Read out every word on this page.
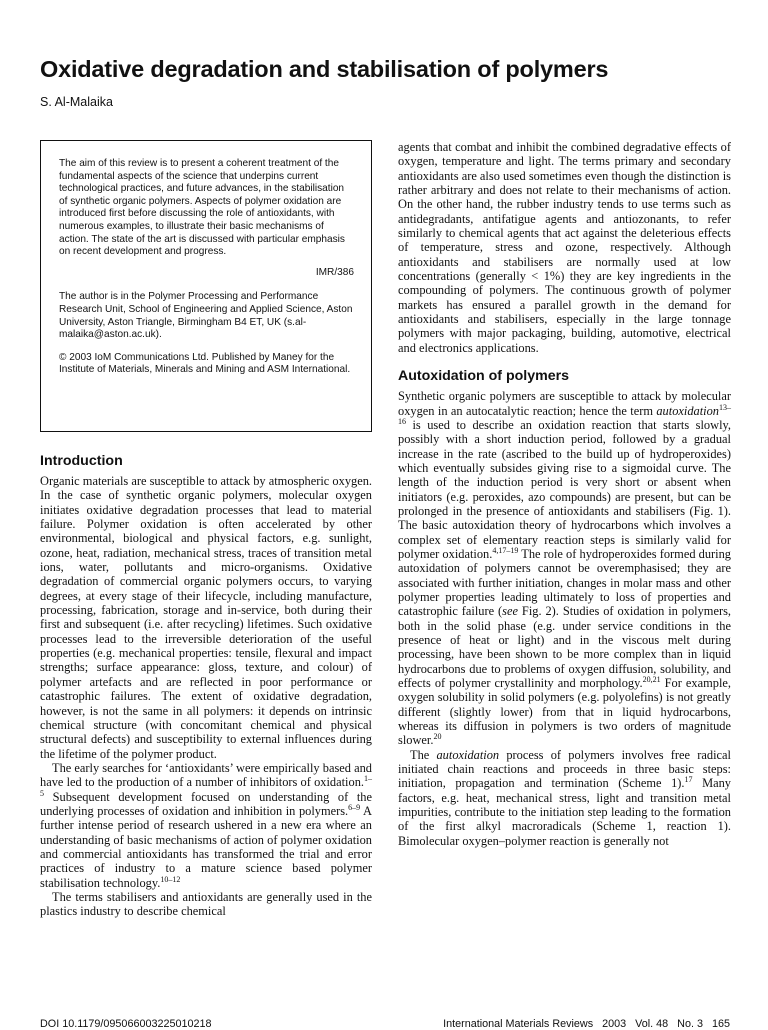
Oxidative degradation and stabilisation of polymers
S. Al-Malaika

The aim of this review is to present a coherent treatment of the fundamental aspects of the science that underpins current technological practices, and future advances, in the stabilisation of synthetic organic polymers. Aspects of polymer oxidation are introduced first before discussing the role of antioxidants, with numerous examples, to illustrate their basic mechanisms of action. The state of the art is discussed with particular emphasis on recent development and progress.

IMR/386

The author is in the Polymer Processing and Performance Research Unit, School of Engineering and Applied Science, Aston University, Aston Triangle, Birmingham B4 ET, UK (s.al-malaika@aston.ac.uk).

© 2003 IoM Communications Ltd. Published by Maney for the Institute of Materials, Minerals and Mining and ASM International.

Introduction

Organic materials are susceptible to attack by atmospheric oxygen. In the case of synthetic organic polymers, molecular oxygen initiates oxidative degradation processes that lead to material failure. Polymer oxidation is often accelerated by other environmental, biological and physical factors, e.g. sunlight, ozone, heat, radiation, mechanical stress, traces of transition metal ions, water, pollutants and micro-organisms. Oxidative degradation of commercial organic polymers occurs, to varying degrees, at every stage of their lifecycle, including manufacture, processing, fabrication, storage and in-service, both during their first and subsequent (i.e. after recycling) lifetimes. Such oxidative processes lead to the irreversible deterioration of the useful properties (e.g. mechanical properties: tensile, flexural and impact strengths; surface appearance: gloss, texture, and colour) of polymer artefacts and are reflected in poor performance or catastrophic failures. The extent of oxidative degradation, however, is not the same in all polymers: it depends on intrinsic chemical structure (with concomitant chemical and physical structural defects) and susceptibility to external influences during the lifetime of the polymer product.

The early searches for ‘antioxidants’ were empirically based and have led to the production of a number of inhibitors of oxidation.$^{1-5}$ Subsequent development focused on understanding of the underlying processes of oxidation and inhibition in polymers.$^{6-9}$ A further intense period of research ushered in a new era where an understanding of basic mechanisms of action of polymer oxidation and commercial antioxidants has transformed the trial and error practices of industry to a mature science based polymer stabilisation technology.$^{10-12}$

The terms stabilisers and antioxidants are generally used in the plastics industry to describe chemical

agents that combat and inhibit the combined degradative effects of oxygen, temperature and light. The terms primary and secondary antioxidants are also used sometimes even though the distinction is rather arbitrary and does not relate to their mechanisms of action. On the other hand, the rubber industry tends to use terms such as antidegradants, antifatigue agents and antiozonants, to refer similarly to chemical agents that act against the deleterious effects of temperature, stress and ozone, respectively. Although antioxidants and stabilisers are normally used at low concentrations (generally < 1%) they are key ingredients in the compounding of polymers. The continuous growth of polymer markets has ensured a parallel growth in the demand for antioxidants and stabilisers, especially in the large tonnage polymers with major packaging, building, automotive, electrical and electronics applications.

Autoxidation of polymers

Synthetic organic polymers are susceptible to attack by molecular oxygen in an autocatalytic reaction; hence the term autoxidation$^{13-16}$ is used to describe an oxidation reaction that starts slowly, possibly with a short induction period, followed by a gradual increase in the rate (ascribed to the build up of hydroperoxides) which eventually subsides giving rise to a sigmoidal curve. The length of the induction period is very short or absent when initiators (e.g. peroxides, azo compounds) are present, but can be prolonged in the presence of antioxidants and stabilisers (Fig. 1). The basic autoxidation theory of hydrocarbons which involves a complex set of elementary reaction steps is similarly valid for polymer oxidation.$^{4,17-19}$ The role of hydroperoxides formed during autoxidation of polymers cannot be overemphasised; they are associated with further initiation, changes in molar mass and other polymer properties leading ultimately to loss of properties and catastrophic failure (see Fig. 2). Studies of oxidation in polymers, both in the solid phase (e.g. under service conditions in the presence of heat or light) and in the viscous melt during processing, have been shown to be more complex than in liquid hydrocarbons due to problems of oxygen diffusion, solubility, and effects of polymer crystallinity and morphology.$^{20,21}$ For example, oxygen solubility in solid polymers (e.g. polyolefins) is not greatly different (slightly lower) from that in liquid hydrocarbons, whereas its diffusion in polymers is two orders of magnitude slower.$^{20}$

The autoxidation process of polymers involves free radical initiated chain reactions and proceeds in three basic steps: initiation, propagation and termination (Scheme 1).$^{17}$ Many factors, e.g. heat, mechanical stress, light and transition metal impurities, contribute to the initiation step leading to the formation of the first alkyl macroradicals (Scheme 1, reaction 1). Bimolecular oxygen–polymer reaction is generally not

DOI 10.1179/095066003225010218	International Materials Reviews   2003   Vol. 48   No. 3   165
